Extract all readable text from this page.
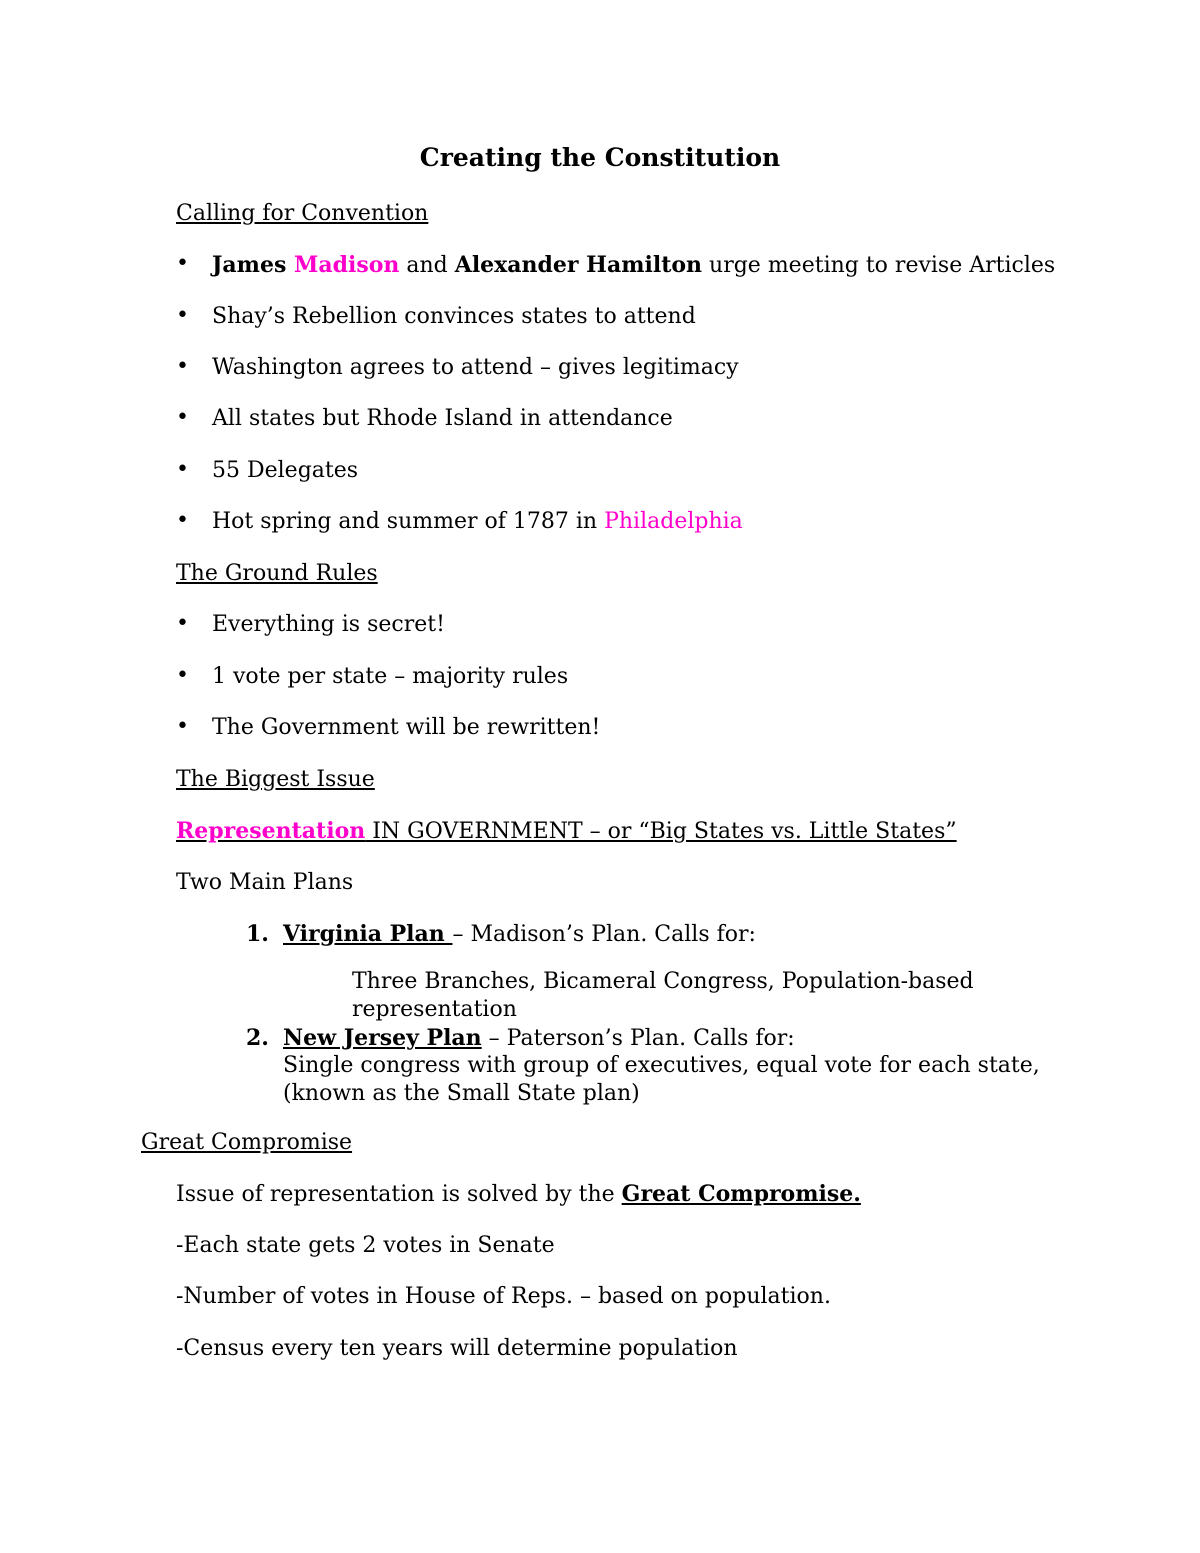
Creating the Constitution
Calling for Convention
• James Madison and Alexander Hamilton urge meeting to revise Articles
• Shay’s Rebellion convinces states to attend
• Washington agrees to attend – gives legitimacy
• All states but Rhode Island in attendance
• 55 Delegates
• Hot spring and summer of 1787 in Philadelphia
The Ground Rules
• Everything is secret!
• 1 vote per state – majority rules
• The Government will be rewritten!
The Biggest Issue
Representation IN GOVERNMENT – or “Big States vs. Little States”
Two Main Plans
1. Virginia Plan – Madison’s Plan. Calls for:
Three Branches, Bicameral Congress, Population-based
representation
2. New Jersey Plan – Paterson’s Plan. Calls for:
Single congress with group of executives, equal vote for each state,
(known as the Small State plan)
Great Compromise
Issue of representation is solved by the Great Compromise.
-Each state gets 2 votes in Senate
-Number of votes in House of Reps. – based on population.
-Census every ten years will determine population
